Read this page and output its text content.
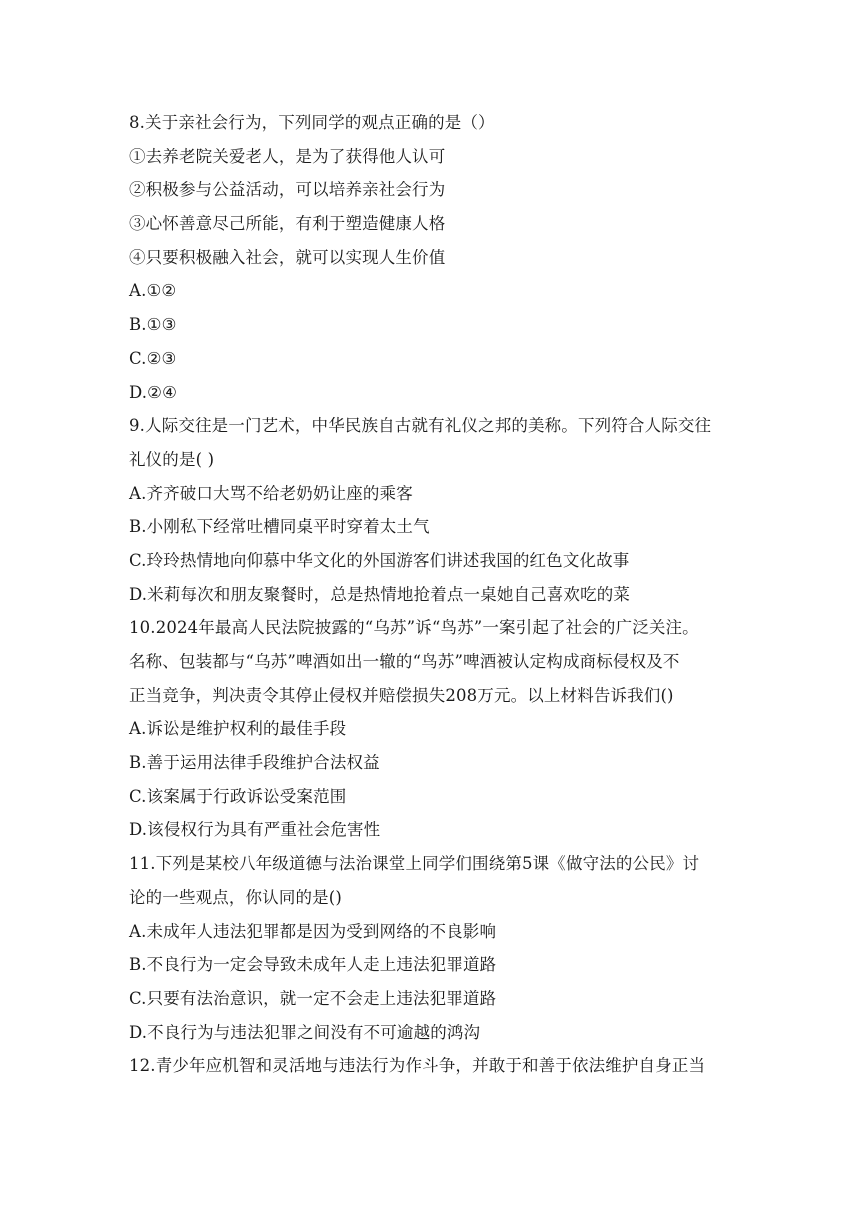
8.关于亲社会行为，下列同学的观点正确的是（）
①去养老院关爱老人，是为了获得他人认可
②积极参与公益活动，可以培养亲社会行为
③心怀善意尽己所能，有利于塑造健康人格
④只要积极融入社会，就可以实现人生价值
A.①②
B.①③
C.②③
D.②④
9.人际交往是一门艺术，中华民族自古就有礼仪之邦的美称。下列符合人际交往
礼仪的是( )
A.齐齐破口大骂不给老奶奶让座的乘客
B.小刚私下经常吐槽同桌平时穿着太土气
C.玲玲热情地向仰慕中华文化的外国游客们讲述我国的红色文化故事
D.米莉每次和朋友聚餐时，总是热情地抢着点一桌她自己喜欢吃的菜
10.2024年最高人民法院披露的“乌苏”诉“鸟苏”一案引起了社会的广泛关注。
名称、包装都与“乌苏”啤酒如出一辙的“鸟苏”啤酒被认定构成商标侵权及不
正当竞争，判决责令其停止侵权并赔偿损失208万元。以上材料告诉我们()
A.诉讼是维护权利的最佳手段
B.善于运用法律手段维护合法权益
C.该案属于行政诉讼受案范围
D.该侵权行为具有严重社会危害性
11.下列是某校八年级道德与法治课堂上同学们围绕第5课《做守法的公民》讨
论的一些观点，你认同的是()
A.未成年人违法犯罪都是因为受到网络的不良影响
B.不良行为一定会导致未成年人走上违法犯罪道路
C.只要有法治意识，就一定不会走上违法犯罪道路
D.不良行为与违法犯罪之间没有不可逾越的鸿沟
12.青少年应机智和灵活地与违法行为作斗争，并敢于和善于依法维护自身正当
